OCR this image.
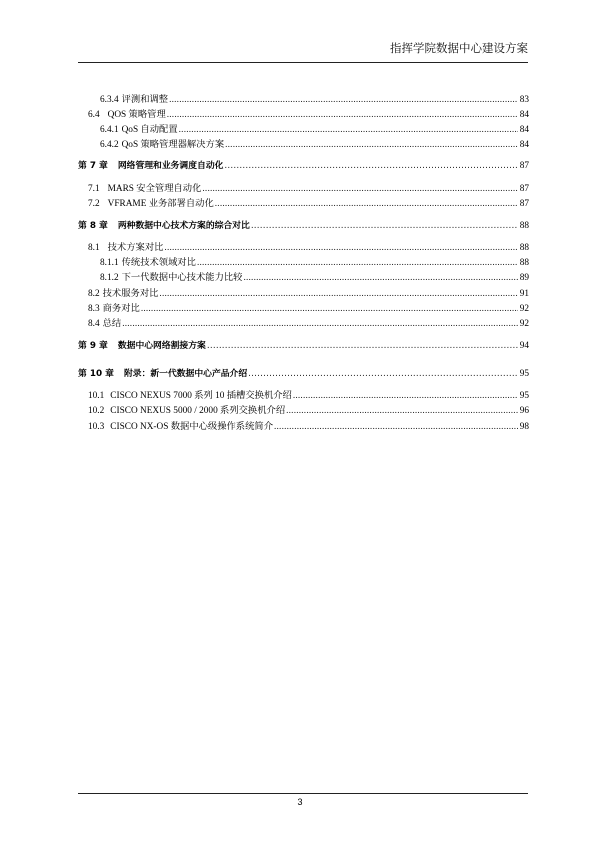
指挥学院数据中心建设方案
6.3.4 评测和调整 .....	83
6.4 QOS 策略管理 .....	84
6.4.1 QoS 自动配置 .....	84
6.4.2 QoS 策略管理器解决方案 .....	84
第 7 章 网络管理和业务调度自动化 .....	87
7.1 MARS 安全管理自动化 .....	87
7.2 VFRAME 业务部署自动化 .....	87
第 8 章 两种数据中心技术方案的综合对比 .....	88
8.1 技术方案对比 .....	88
8.1.1 传统技术领域对比 .....	88
8.1.2 下一代数据中心技术能力比较 .....	89
8.2 技术服务对比 .....	91
8.3 商务对比 .....	92
8.4 总结 .....	92
第 9 章 数据中心网络割接方案 .....	94
第 10 章 附录：新一代数据中心产品介绍 .....	95
10.1 CISCO NEXUS 7000 系列 10 插槽交换机介绍 .....	95
10.2 CISCO NEXUS 5000 / 2000 系列交换机介绍 .....	96
10.3 CISCO NX-OS 数据中心级操作系统简介 .....	98
3
